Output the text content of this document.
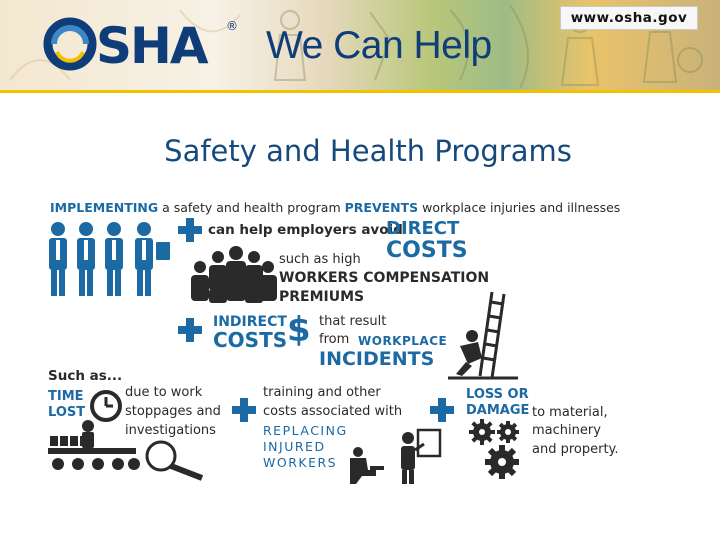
SHA ® We Can Help
www.osha.gov
Safety and Health Programs
IMPLEMENTING a safety and health program PREVENTS workplace injuries and illnesses
can help employers avoid
DIRECT
COSTS
such as high
WORKERS COMPENSATION
PREMIUMS
INDIRECT
COSTS $ that result
from WORKPLACE
INCIDENTS
Such as...
TIME
LOST
due to work
stoppages and
investigations
training and other
costs associated with
REPLACING
INJURED
WORKERS
LOSS OR
DAMAGE to material,
machinery
and property.
